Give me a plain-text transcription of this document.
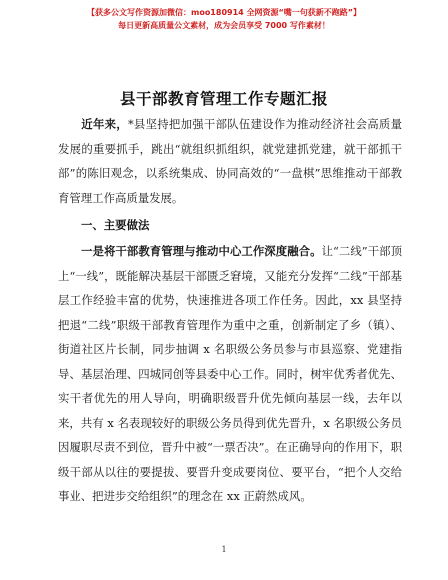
【获多公文写作资源加微信：moo180914 全网资源“嘴一句获新不跑路”】
每日更新高质量公文素材，成为会员享受 7000 写作素材！
县干部教育管理工作专题汇报
近年来，*县坚持把加强干部队伍建设作为推动经济社会高质量发展的重要抓手，跳出“就组织抓组织，就党建抓党建，就干部抓干部”的陈旧观念，以系统集成、协同高效的“一盘棋”思维推动干部教育管理工作高质量发展。
一、主要做法
一是将干部教育管理与推动中心工作深度融合。让“二线”干部顶上“一线”，既能解决基层干部匮乏窘境，又能充分发挥“二线”干部基层工作经验丰富的优势，快速推进各项工作任务。因此，xx 县坚持把退“二线”职级干部教育管理作为重中之重，创新制定了乡（镇）、街道社区片长制，同步抽调 x 名职级公务员参与市县巡察、党建指导、基层治理、四城同创等县委中心工作。同时，树牢优秀者优先、实干者优先的用人导向，明确职级晋升优先倾向基层一线，去年以来，共有 x 名表现较好的职级公务员得到优先晋升，x 名职级公务员因履职尽责不到位，晋升中被“一票否决”。在正确导向的作用下，职级干部从以往的要提拔、要晋升变成要岗位、要平台，“把个人交给事业、把进步交给组织”的理念在 xx 正蔚然成风。
1
